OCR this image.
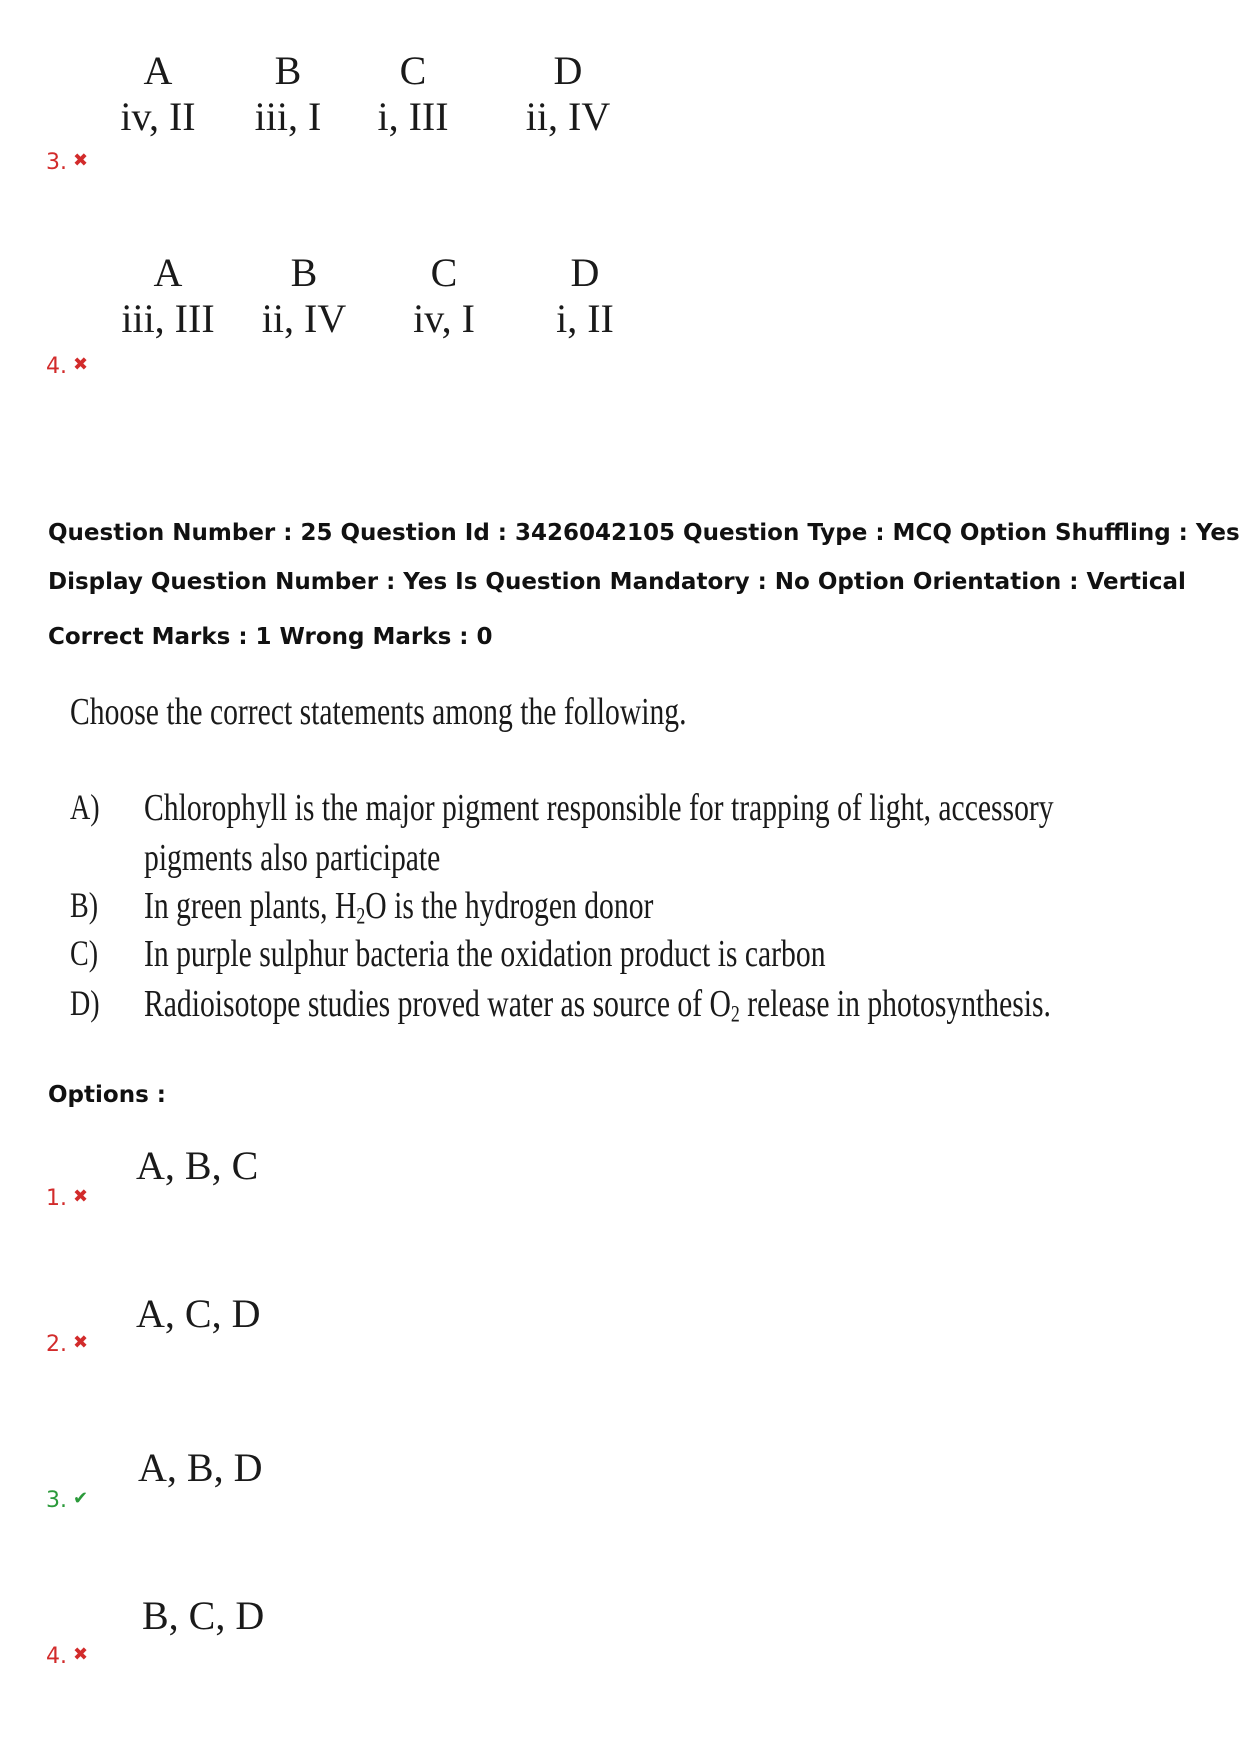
A
iv, II
B
iii, I
C
i, III
D
ii, IV
3. ✖
A
iii, III
B
ii, IV
C
iv, I
D
i, II
4. ✖
Question Number : 25 Question Id : 3426042105 Question Type : MCQ Option Shuffling : Yes
Display Question Number : Yes Is Question Mandatory : No Option Orientation : Vertical
Correct Marks : 1 Wrong Marks : 0
Choose the correct statements among the following.
A) Chlorophyll is the major pigment responsible for trapping of light, accessory
pigments also participate
B) In green plants, $H_2O$ is the hydrogen donor
C) In purple sulphur bacteria the oxidation product is carbon
D) Radioisotope studies proved water as source of $O_2$ release in photosynthesis.
Options :
A, B, C
1. ✖
A, C, D
2. ✖
A, B, D
3. ✔
B, C, D
4. ✖
